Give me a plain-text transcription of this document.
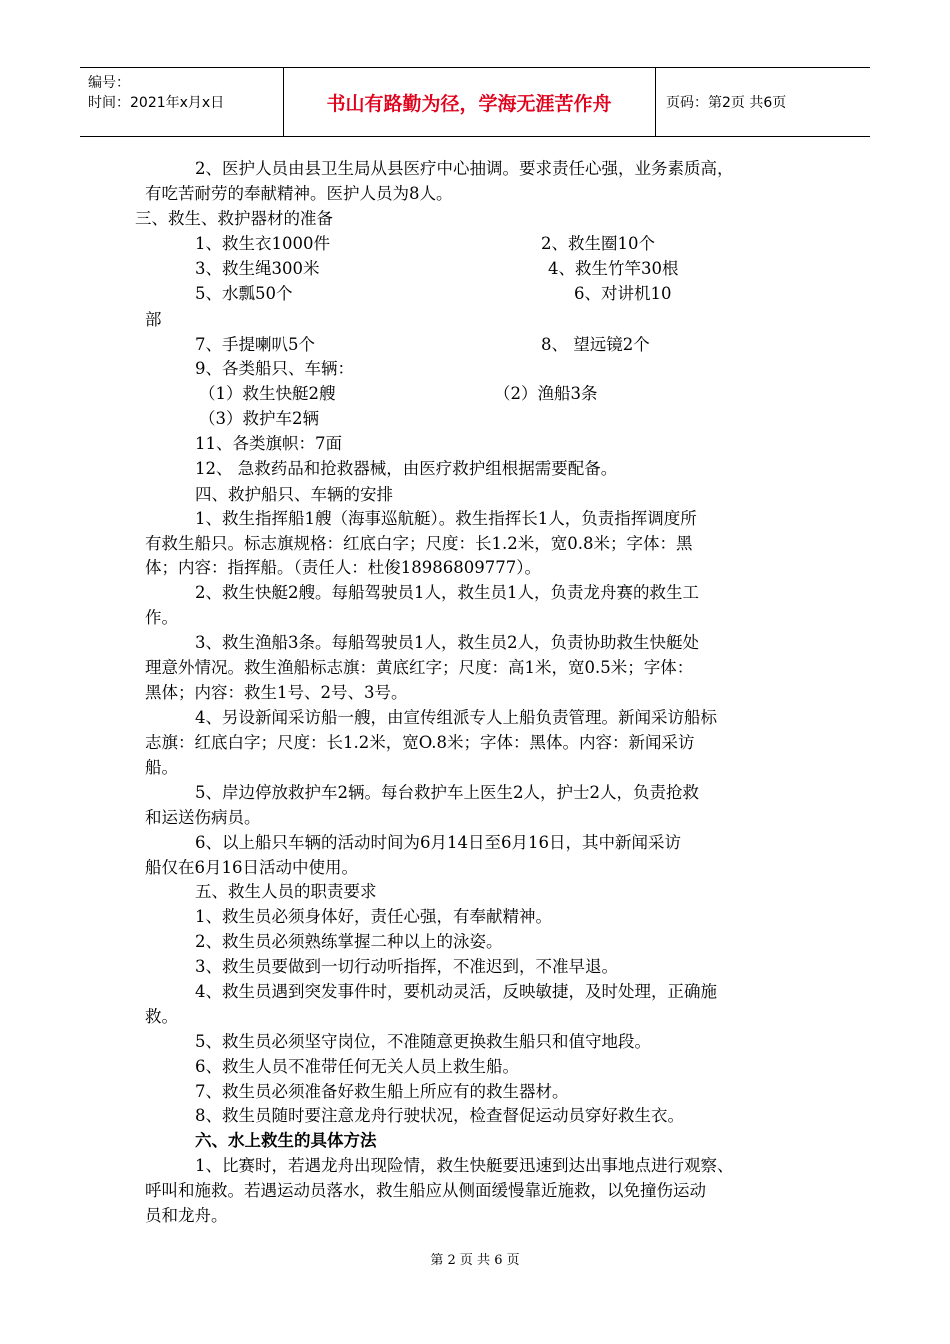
编号：
时间：2021年x月x日	书山有路勤为径，学海无涯苦作舟	页码：第2页 共6页
2、医护人员由县卫生局从县医疗中心抽调。要求责任心强，业务素质高，
有吃苦耐劳的奉献精神。医护人员为8人。
三、救生、救护器材的准备
1、救生衣1000件	2、救生圈10个
3、救生绳300米	4、救生竹竿30根
5、水瓢50个	6、对讲机10
部
7、手提喇叭5个	8、 望远镜2个
9、各类船只、车辆：
（1）救生快艇2艘	（2）渔船3条
（3）救护车2辆
11、各类旗帜：7面
12、 急救药品和抢救器械，由医疗救护组根据需要配备。
四、救护船只、车辆的安排
1、救生指挥船1艘（海事巡航艇）。救生指挥长1人，负责指挥调度所
有救生船只。标志旗规格：红底白字；尺度：长1.2米，宽0.8米；字体：黑
体；内容：指挥船。（责任人：杜俊18986809777）。
2、救生快艇2艘。每船驾驶员1人，救生员1人，负责龙舟赛的救生工
作。
3、救生渔船3条。每船驾驶员1人，救生员2人，负责协助救生快艇处
理意外情况。救生渔船标志旗：黄底红字；尺度：高1米，宽0.5米；字体：
黑体；内容：救生1号、2号、3号。
4、另设新闻采访船一艘，由宣传组派专人上船负责管理。新闻采访船标
志旗：红底白字；尺度：长1.2米，宽O.8米；字体：黑体。内容：新闻采访
船。
5、岸边停放救护车2辆。每台救护车上医生2人，护士2人，负责抢救
和运送伤病员。
6、以上船只车辆的活动时间为6月14日至6月16日，其中新闻采访
船仅在6月16日活动中使用。
五、救生人员的职责要求
1、救生员必须身体好，责任心强，有奉献精神。
2、救生员必须熟练掌握二种以上的泳姿。
3、救生员要做到一切行动听指挥，不准迟到，不准早退。
4、救生员遇到突发事件时，要机动灵活，反映敏捷，及时处理，正确施
救。
5、救生员必须坚守岗位，不准随意更换救生船只和值守地段。
6、救生人员不准带任何无关人员上救生船。
7、救生员必须准备好救生船上所应有的救生器材。
8、救生员随时要注意龙舟行驶状况，检查督促运动员穿好救生衣。
六、水上救生的具体方法
1、比赛时，若遇龙舟出现险情，救生快艇要迅速到达出事地点进行观察、
呼叫和施救。若遇运动员落水，救生船应从侧面缓慢靠近施救，以免撞伤运动
员和龙舟。
第 2 页 共 6 页
